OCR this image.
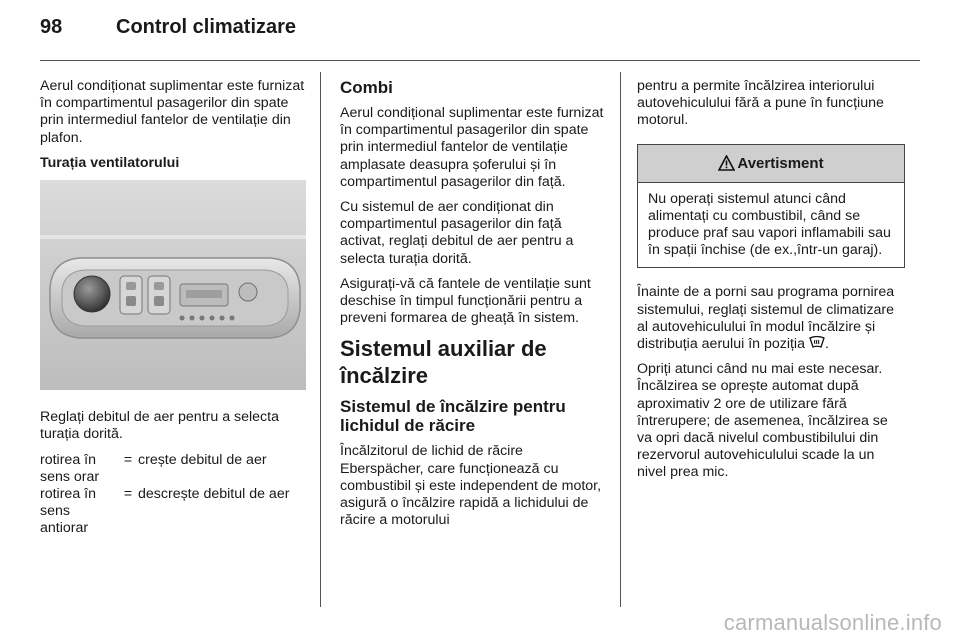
98	Control climatizare

Aerul condiționat suplimentar este furnizat în compartimentul pasagerilor din spate prin intermediul fantelor de ventilație din plafon.

Turația ventilatorului

Reglați debitul de aer pentru a selecta turația dorită.

rotirea în sens orar	=	crește debitul de aer
rotirea în sens antiorar	=	descrește debitul de aer

Combi

Aerul condițional suplimentar este furnizat în compartimentul pasagerilor din spate prin intermediul fantelor de ventilație amplasate deasupra șoferului și în compartimentul pasagerilor din față.

Cu sistemul de aer condiționat din compartimentul pasagerilor din față activat, reglați debitul de aer pentru a selecta turația dorită.

Asigurați-vă că fantele de ventilație sunt deschise în timpul funcționării pentru a preveni formarea de gheață în sistem.

Sistemul auxiliar de încălzire

Sistemul de încălzire pentru lichidul de răcire

Încălzitorul de lichid de răcire Eberspächer, care funcționează cu combustibil și este independent de motor, asigură o încălzire rapidă a lichidului de răcire a motorului

pentru a permite încălzirea interiorului autovehiculului fără a pune în funcțiune motorul.

Avertisment
Nu operați sistemul atunci când alimentați cu combustibil, când se produce praf sau vapori inflamabili sau în spații închise (de ex.,într-un garaj).

Înainte de a porni sau programa pornirea sistemului, reglați sistemul de climatizare al autovehiculului în modul încălzire și distribuția aerului în poziția .

Opriți atunci când nu mai este necesar. Încălzirea se oprește automat după aproximativ 2 ore de utilizare fără întrerupere; de asemenea, încălzirea se va opri dacă nivelul combustibilului din rezervorul autovehiculului scade la un nivel prea mic.

carmanualsonline.info
